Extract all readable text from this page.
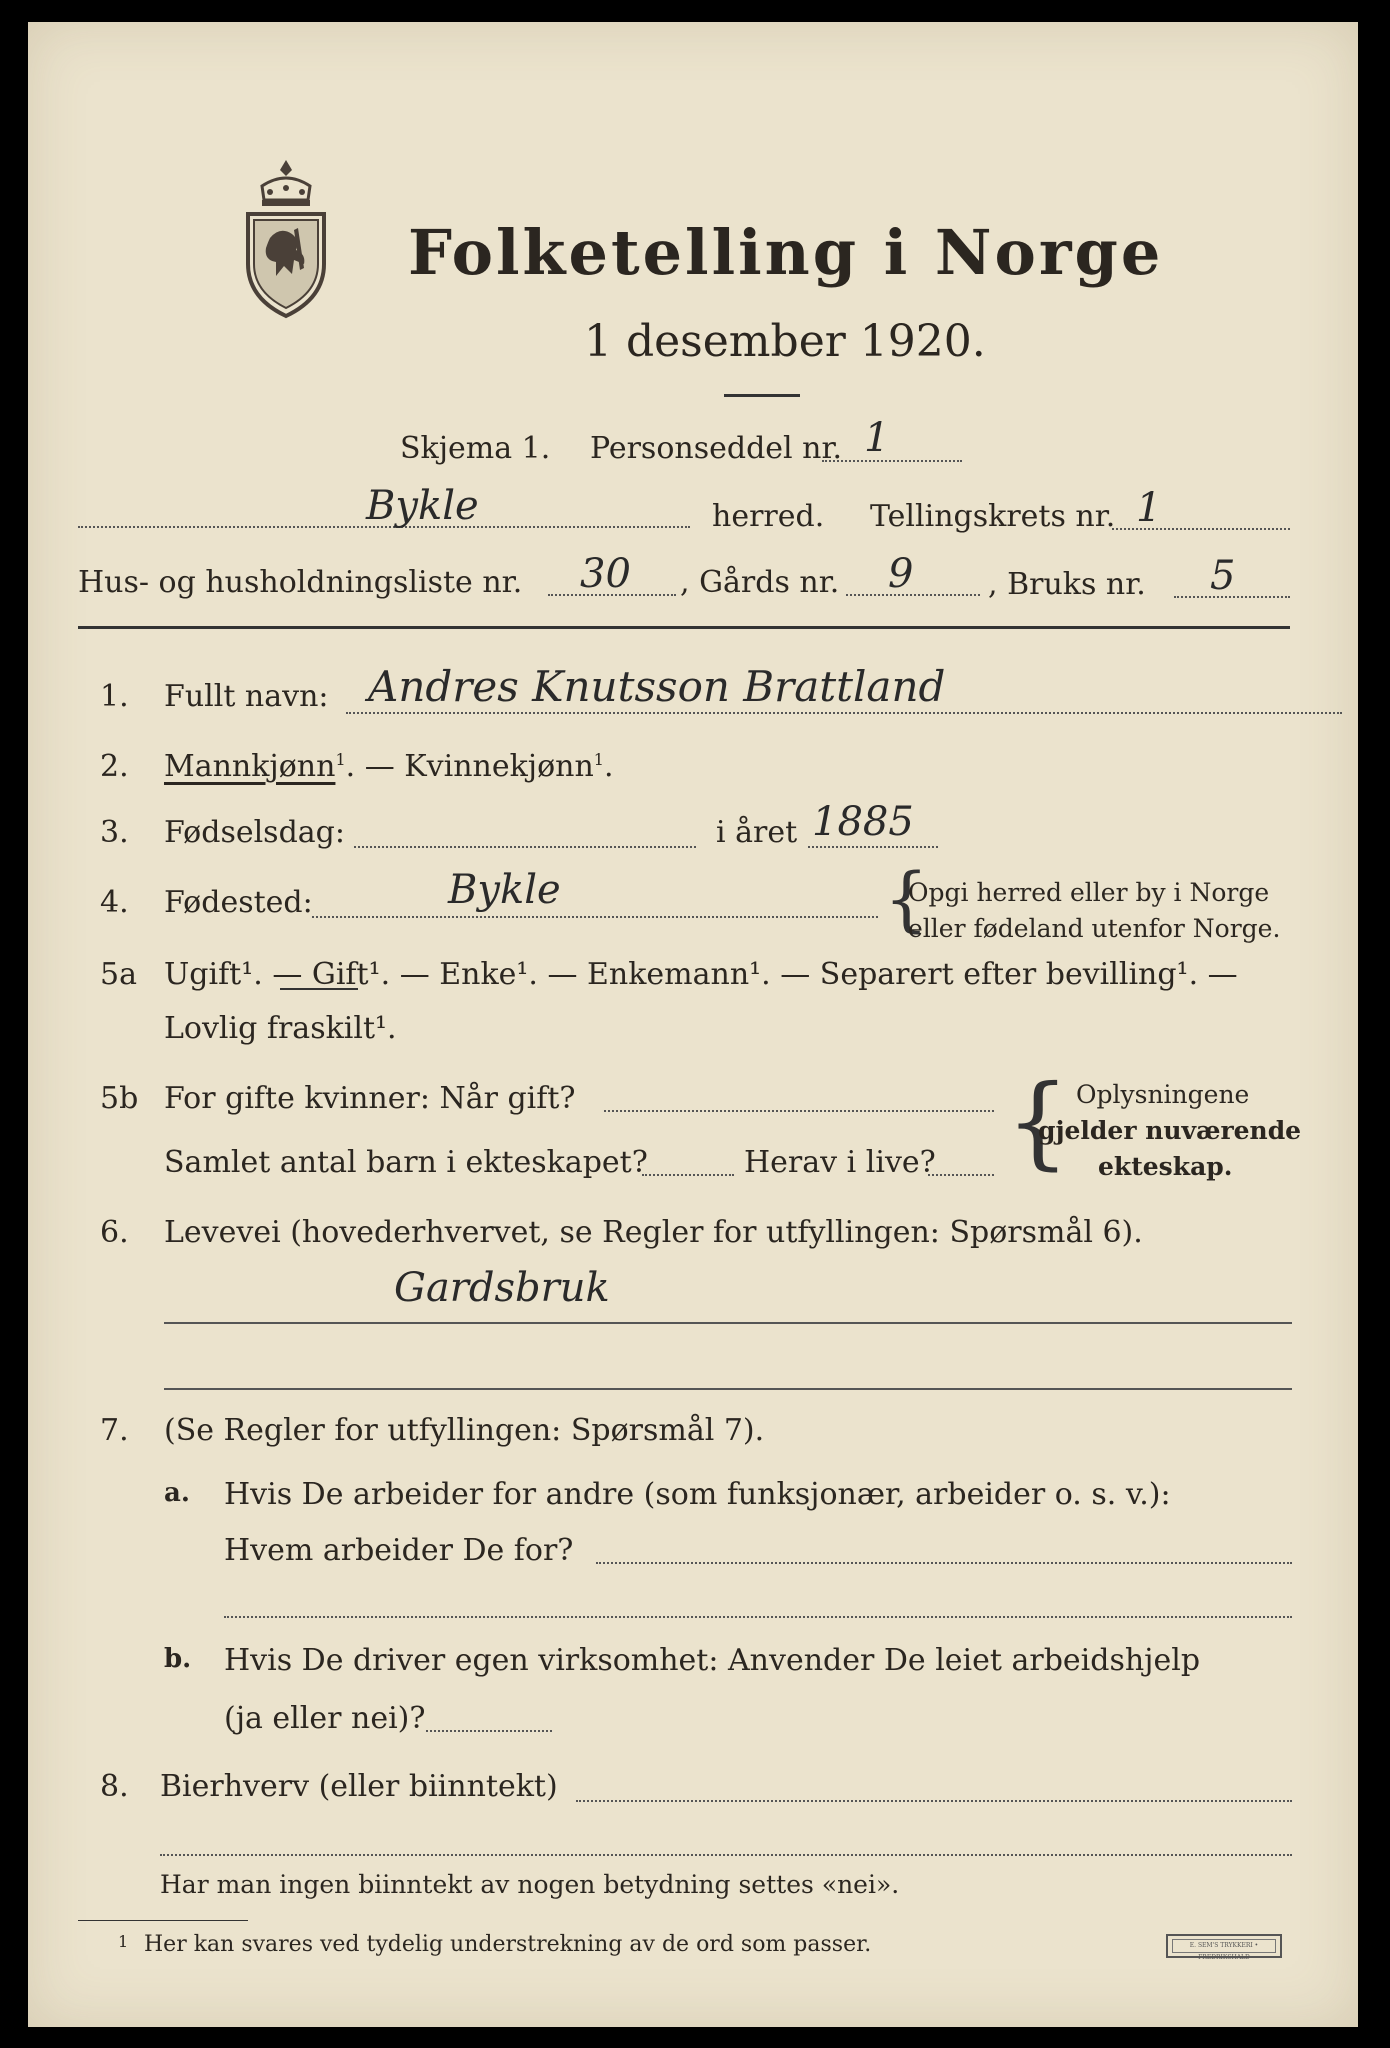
Folketelling i Norge
1 desember 1920.
Skjema 1. Personseddel nr. 1
Bykle	herred. Tellingskrets nr. 1
Hus- og husholdningsliste nr. 30 , Gårds nr. 9 , Bruks nr. 5
1. Fullt navn: Andres Knutsson Brattland
2. Mannkjønn$^1$. — Kvinnekjønn$^1$.
3. Fødselsdag:	i året 1885
4. Fødested:	Bykle	{
Opgi herred eller by i Norge
eller fødeland utenfor Norge.
5a Ugift¹. — Gift¹. — Enke¹. — Enkemann¹. — Separert efter bevilling¹. —
Lovlig fraskilt¹.
5b For gifte kvinner: Når gift?
Samlet antal barn i ekteskapet?	Herav i live? { Oplysningene
gjelder nuværende
ekteskap.
6. Levevei (hovederhvervet, se Regler for utfyllingen: Spørsmål 6).
Gardsbruk
7. (Se Regler for utfyllingen: Spørsmål 7).
a. Hvis De arbeider for andre (som funksjonær, arbeider o. s. v.):
Hvem arbeider De for?
b. Hvis De driver egen virksomhet: Anvender De leiet arbeidshjelp
(ja eller nei)?
8. Bierhverv (eller biinntekt)
Har man ingen biinntekt av nogen betydning settes «nei».
1 Her kan svares ved tydelig understrekning av de ord som passer.	E. SEM'S TRYKKERI • FREDRIKSHALD
